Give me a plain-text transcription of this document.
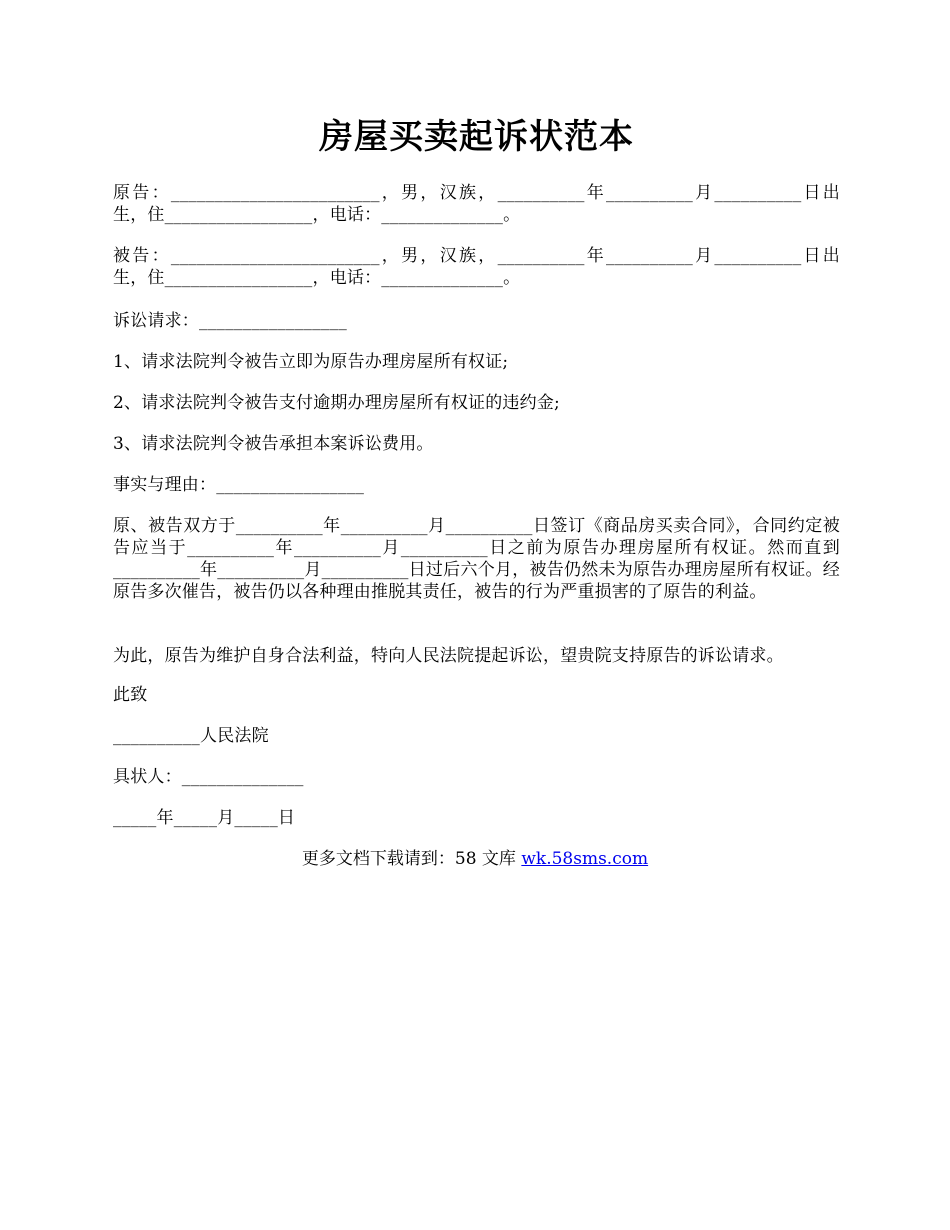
房屋买卖起诉状范本

原告：________________________，男，汉族，__________年__________月__________日出生，住_________________，电话：______________。

被告：________________________，男，汉族，__________年__________月__________日出生，住_________________，电话：______________。

诉讼请求：_________________

1、请求法院判令被告立即为原告办理房屋所有权证;

2、请求法院判令被告支付逾期办理房屋所有权证的违约金;

3、请求法院判令被告承担本案诉讼费用。

事实与理由：_________________

原、被告双方于__________年__________月__________日签订《商品房买卖合同》，合同约定被告应当于__________年__________月__________日之前为原告办理房屋所有权证。然而直到__________年__________月__________日过后六个月，被告仍然未为原告办理房屋所有权证。经原告多次催告，被告仍以各种理由推脱其责任，被告的行为严重损害的了原告的利益。

为此，原告为维护自身合法利益，特向人民法院提起诉讼，望贵院支持原告的诉讼请求。

此致

__________人民法院

具状人：______________

_____年_____月_____日

更多文档下载请到：58 文库 wk.58sms.com
